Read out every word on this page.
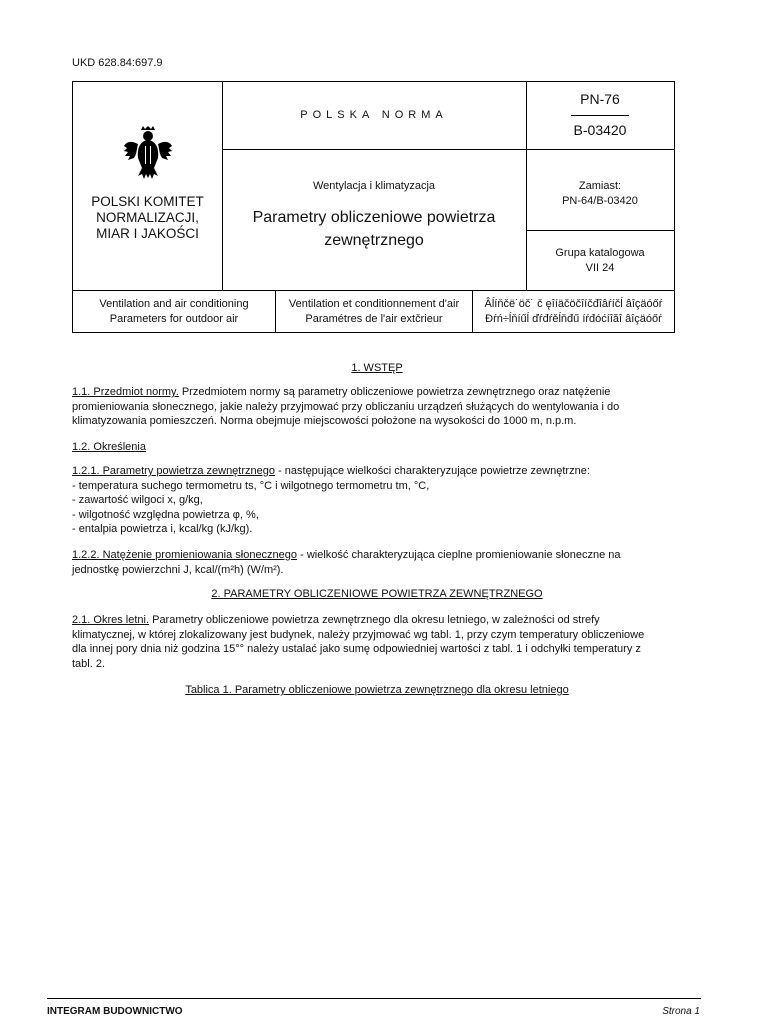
UKD 628.84:697.9
POLSKI KOMITET
NORMALIZACJI,
MIAR I JAKOŚCI
POLSKA NORMA
Wentylacja i klimatyzacja
Parametry obliczeniowe powietrza
zewnętrznego
PN-76
B-03420
Zamiast:
PN-64/B-03420
Grupa katalogowa
VII 24
Ventilation and air conditioning
Parameters for outdoor air
Ventilation et conditionnement d'air
Paramétres de l'air extčrieur
Âĺíňčë˙öč˙ č ęîíäčöčîíčđîâŕíčĺ âîçäóőŕ
Đŕń÷ĺňíűĺ ďŕđŕěĺňđű íŕđóćíîăî âîçäóőŕ
1. WSTĘP
1.1. Przedmiot normy. Przedmiotem normy są parametry obliczeniowe powietrza zewnętrznego oraz natężenie
promieniowania słonecznego, jakie należy przyjmować przy obliczaniu urządzeń służących do wentylowania i do
klimatyzowania pomieszczeń. Norma obejmuje miejscowości położone na wysokości do 1000 m, n.p.m.
1.2. Określenia
1.2.1. Parametry powietrza zewnętrznego - następujące wielkości charakteryzujące powietrze zewnętrzne:
- temperatura suchego termometru ts, °C i wilgotnego termometru tm, °C,
- zawartość wilgoci x, g/kg,
- wilgotność względna powietrza φ, %,
- entalpia powietrza i, kcal/kg (kJ/kg).
1.2.2. Natężenie promieniowania słonecznego - wielkość charakteryzująca cieplne promieniowanie słoneczne na
jednostkę powierzchni J, kcal/(m²h) (W/m²).
2. PARAMETRY OBLICZENIOWE POWIETRZA ZEWNĘTRZNEGO
2.1. Okres letni. Parametry obliczeniowe powietrza zewnętrznego dla okresu letniego, w zależności od strefy
klimatycznej, w której zlokalizowany jest budynek, należy przyjmować wg tabl. 1, przy czym temperatury obliczeniowe
dla innej pory dnia niż godzina 15°° należy ustalać jako sumę odpowiedniej wartości z tabl. 1 i odchyłki temperatury z
tabl. 2.
Tablica 1. Parametry obliczeniowe powietrza zewnętrznego dla okresu letniego
INTEGRAM BUDOWNICTWO	Strona 1
